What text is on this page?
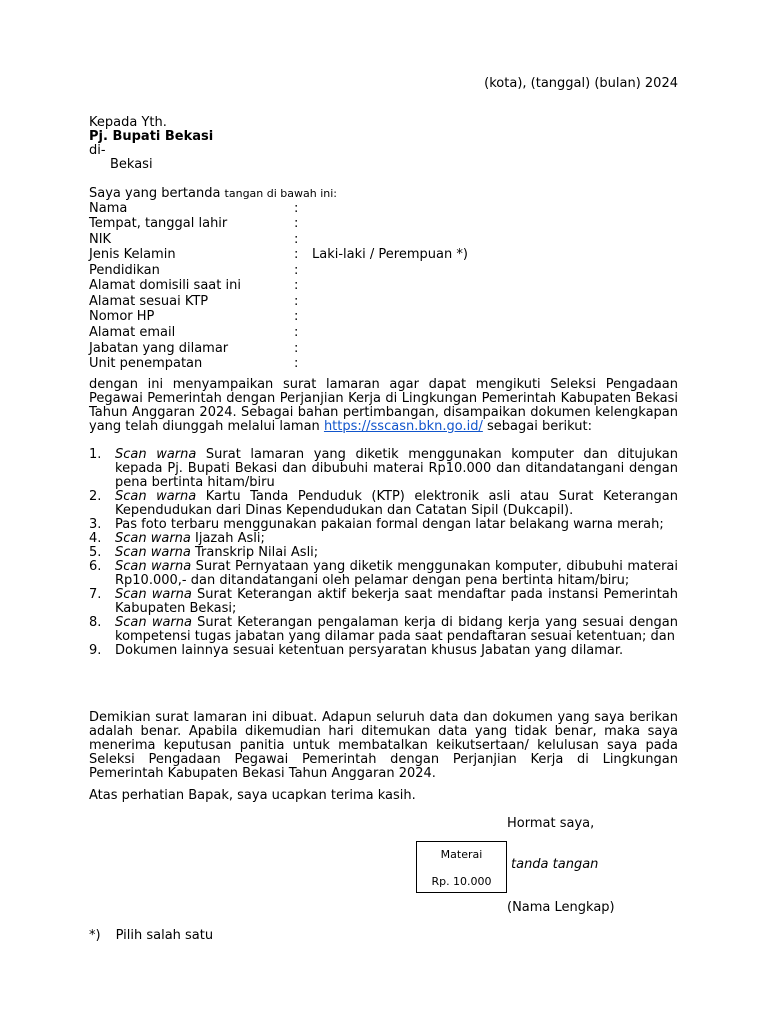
(kota), (tanggal) (bulan) 2024
Kepada Yth.
Pj. Bupati Bekasi
di-
Bekasi
Saya yang bertanda tangan di bawah ini:
Nama	:
Tempat, tanggal lahir	:
NIK	:
Jenis Kelamin	: Laki-laki / Perempuan *)
Pendidikan	:
Alamat domisili saat ini	:
Alamat sesuai KTP	:
Nomor HP	:
Alamat email	:
Jabatan yang dilamar	:
Unit penempatan	:

dengan ini menyampaikan surat lamaran agar dapat mengikuti Seleksi Pengadaan Pegawai Pemerintah dengan Perjanjian Kerja di Lingkungan Pemerintah Kabupaten Bekasi Tahun Anggaran 2024. Sebagai bahan pertimbangan, disampaikan dokumen kelengkapan yang telah diunggah melalui laman https://sscasn.bkn.go.id/ sebagai berikut:

1. Scan warna Surat lamaran yang diketik menggunakan komputer dan ditujukan kepada Pj. Bupati Bekasi dan dibubuhi materai Rp10.000 dan ditandatangani dengan pena bertinta hitam/biru
2. Scan warna Kartu Tanda Penduduk (KTP) elektronik asli atau Surat Keterangan Kependudukan dari Dinas Kependudukan dan Catatan Sipil (Dukcapil).
3. Pas foto terbaru menggunakan pakaian formal dengan latar belakang warna merah;
4. Scan warna Ijazah Asli;
5. Scan warna Transkrip Nilai Asli;
6. Scan warna Surat Pernyataan yang diketik menggunakan komputer, dibubuhi materai Rp10.000,- dan ditandatangani oleh pelamar dengan pena bertinta hitam/biru;
7. Scan warna Surat Keterangan aktif bekerja saat mendaftar pada instansi Pemerintah Kabupaten Bekasi;
8. Scan warna Surat Keterangan pengalaman kerja di bidang kerja yang sesuai dengan kompetensi tugas jabatan yang dilamar pada saat pendaftaran sesuai ketentuan; dan
9. Dokumen lainnya sesuai ketentuan persyaratan khusus Jabatan yang dilamar.

Demikian surat lamaran ini dibuat. Adapun seluruh data dan dokumen yang saya berikan adalah benar. Apabila dikemudian hari ditemukan data yang tidak benar, maka saya menerima keputusan panitia untuk membatalkan keikutsertaan/ kelulusan saya pada Seleksi Pengadaan Pegawai Pemerintah dengan Perjanjian Kerja di Lingkungan Pemerintah Kabupaten Bekasi Tahun Anggaran 2024.

Atas perhatian Bapak, saya ucapkan terima kasih.
Hormat saya,
Materai
Rp. 10.000
tanda tangan
(Nama Lengkap)
*) Pilih salah satu
